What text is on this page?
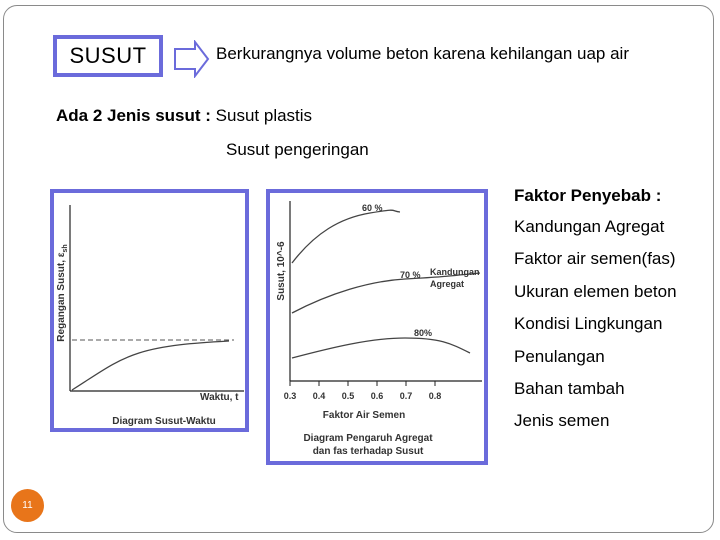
SUSUT	Berkurangnya volume beton karena kehilangan uap air
Ada 2 Jenis susut : Susut plastis
Susut pengeringan
Regangan Susut, $\varepsilon_{sh}$
Waktu, t
Diagram Susut-Waktu
0.3 0.4 0.5 0.6 0.7 0.8
60 %
70 %
80%
Kandungan
Agregat
Susut, 10^-6
Faktor Air Semen
Diagram Pengaruh Agregat
dan fas terhadap Susut
Faktor Penyebab :
Kandungan Agregat
Faktor air semen(fas)
Ukuran elemen beton
Kondisi Lingkungan
Penulangan
Bahan tambah
Jenis semen
11
